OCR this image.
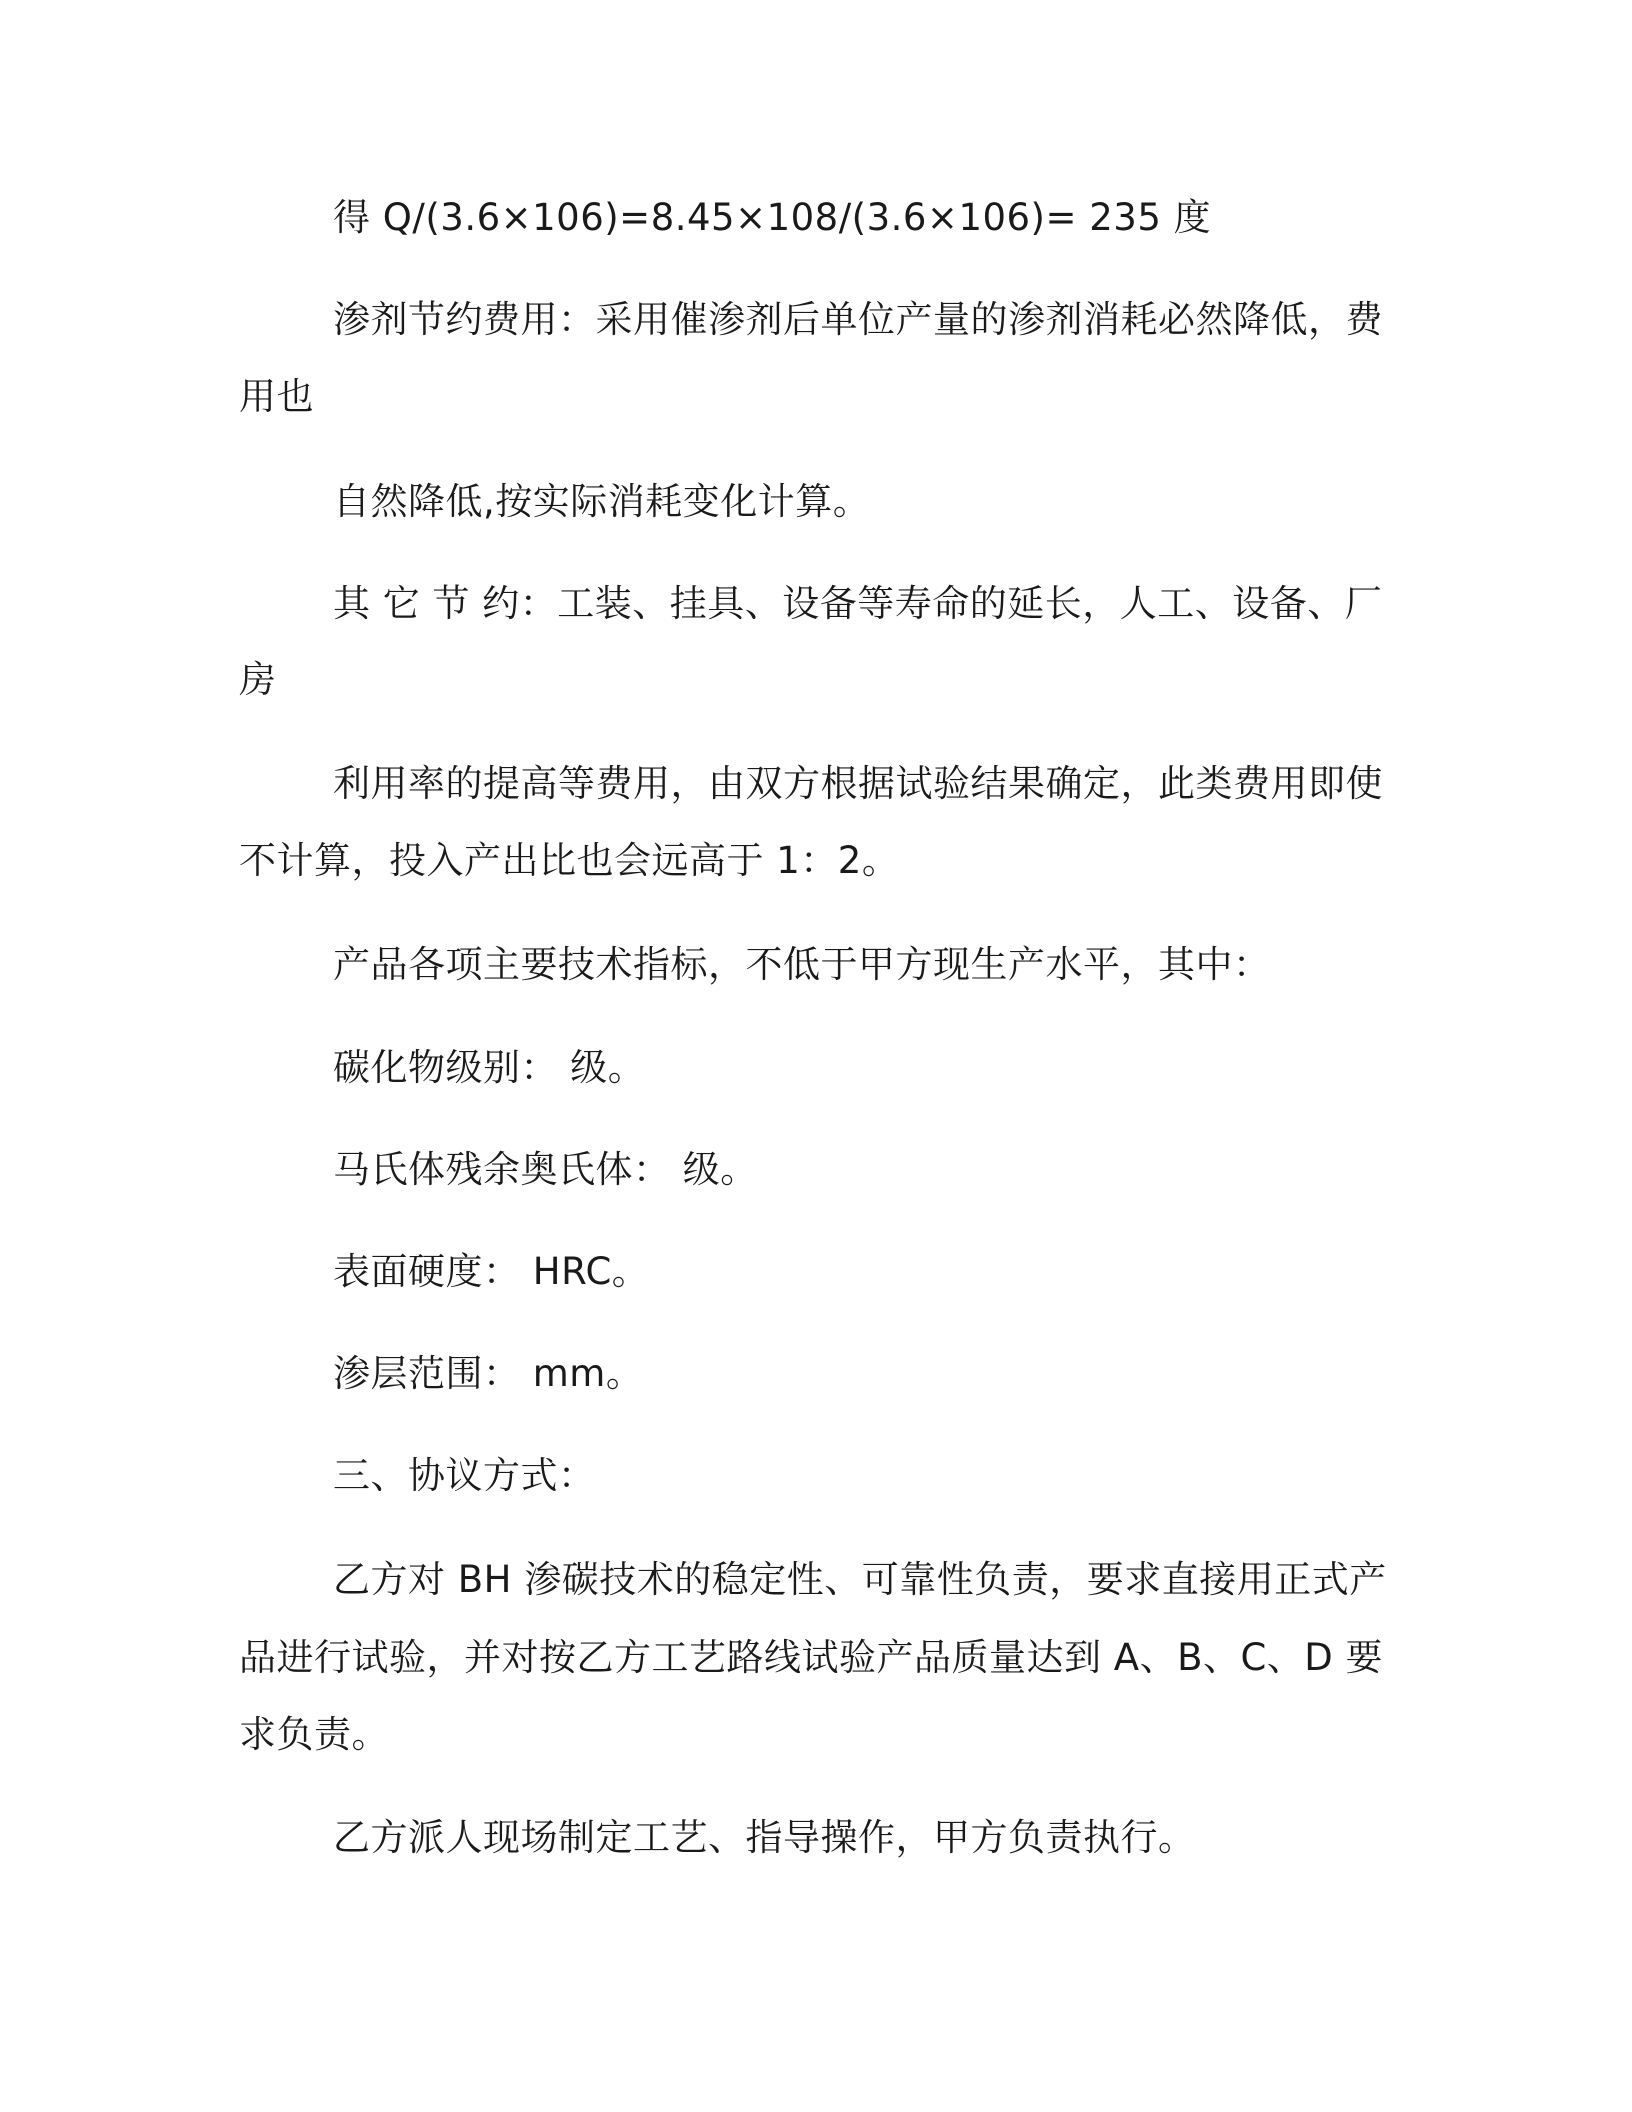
得 Q/(3.6×106)=8.45×108/(3.6×106)= 235 度
渗剂节约费用：采用催渗剂后单位产量的渗剂消耗必然降低，费
用也
自然降低,按实际消耗变化计算。
其 它 节 约：工装、挂具、设备等寿命的延长，人工、设备、厂
房
利用率的提高等费用，由双方根据试验结果确定，此类费用即使
不计算，投入产出比也会远高于 1：2。
产品各项主要技术指标，不低于甲方现生产水平，其中：
碳化物级别： 级。
马氏体残余奥氏体： 级。
表面硬度： HRC。
渗层范围： mm。
三、协议方式：
乙方对 BH 渗碳技术的稳定性、可靠性负责，要求直接用正式产
品进行试验，并对按乙方工艺路线试验产品质量达到 A、B、C、D 要
求负责。
乙方派人现场制定工艺、指导操作，甲方负责执行。
